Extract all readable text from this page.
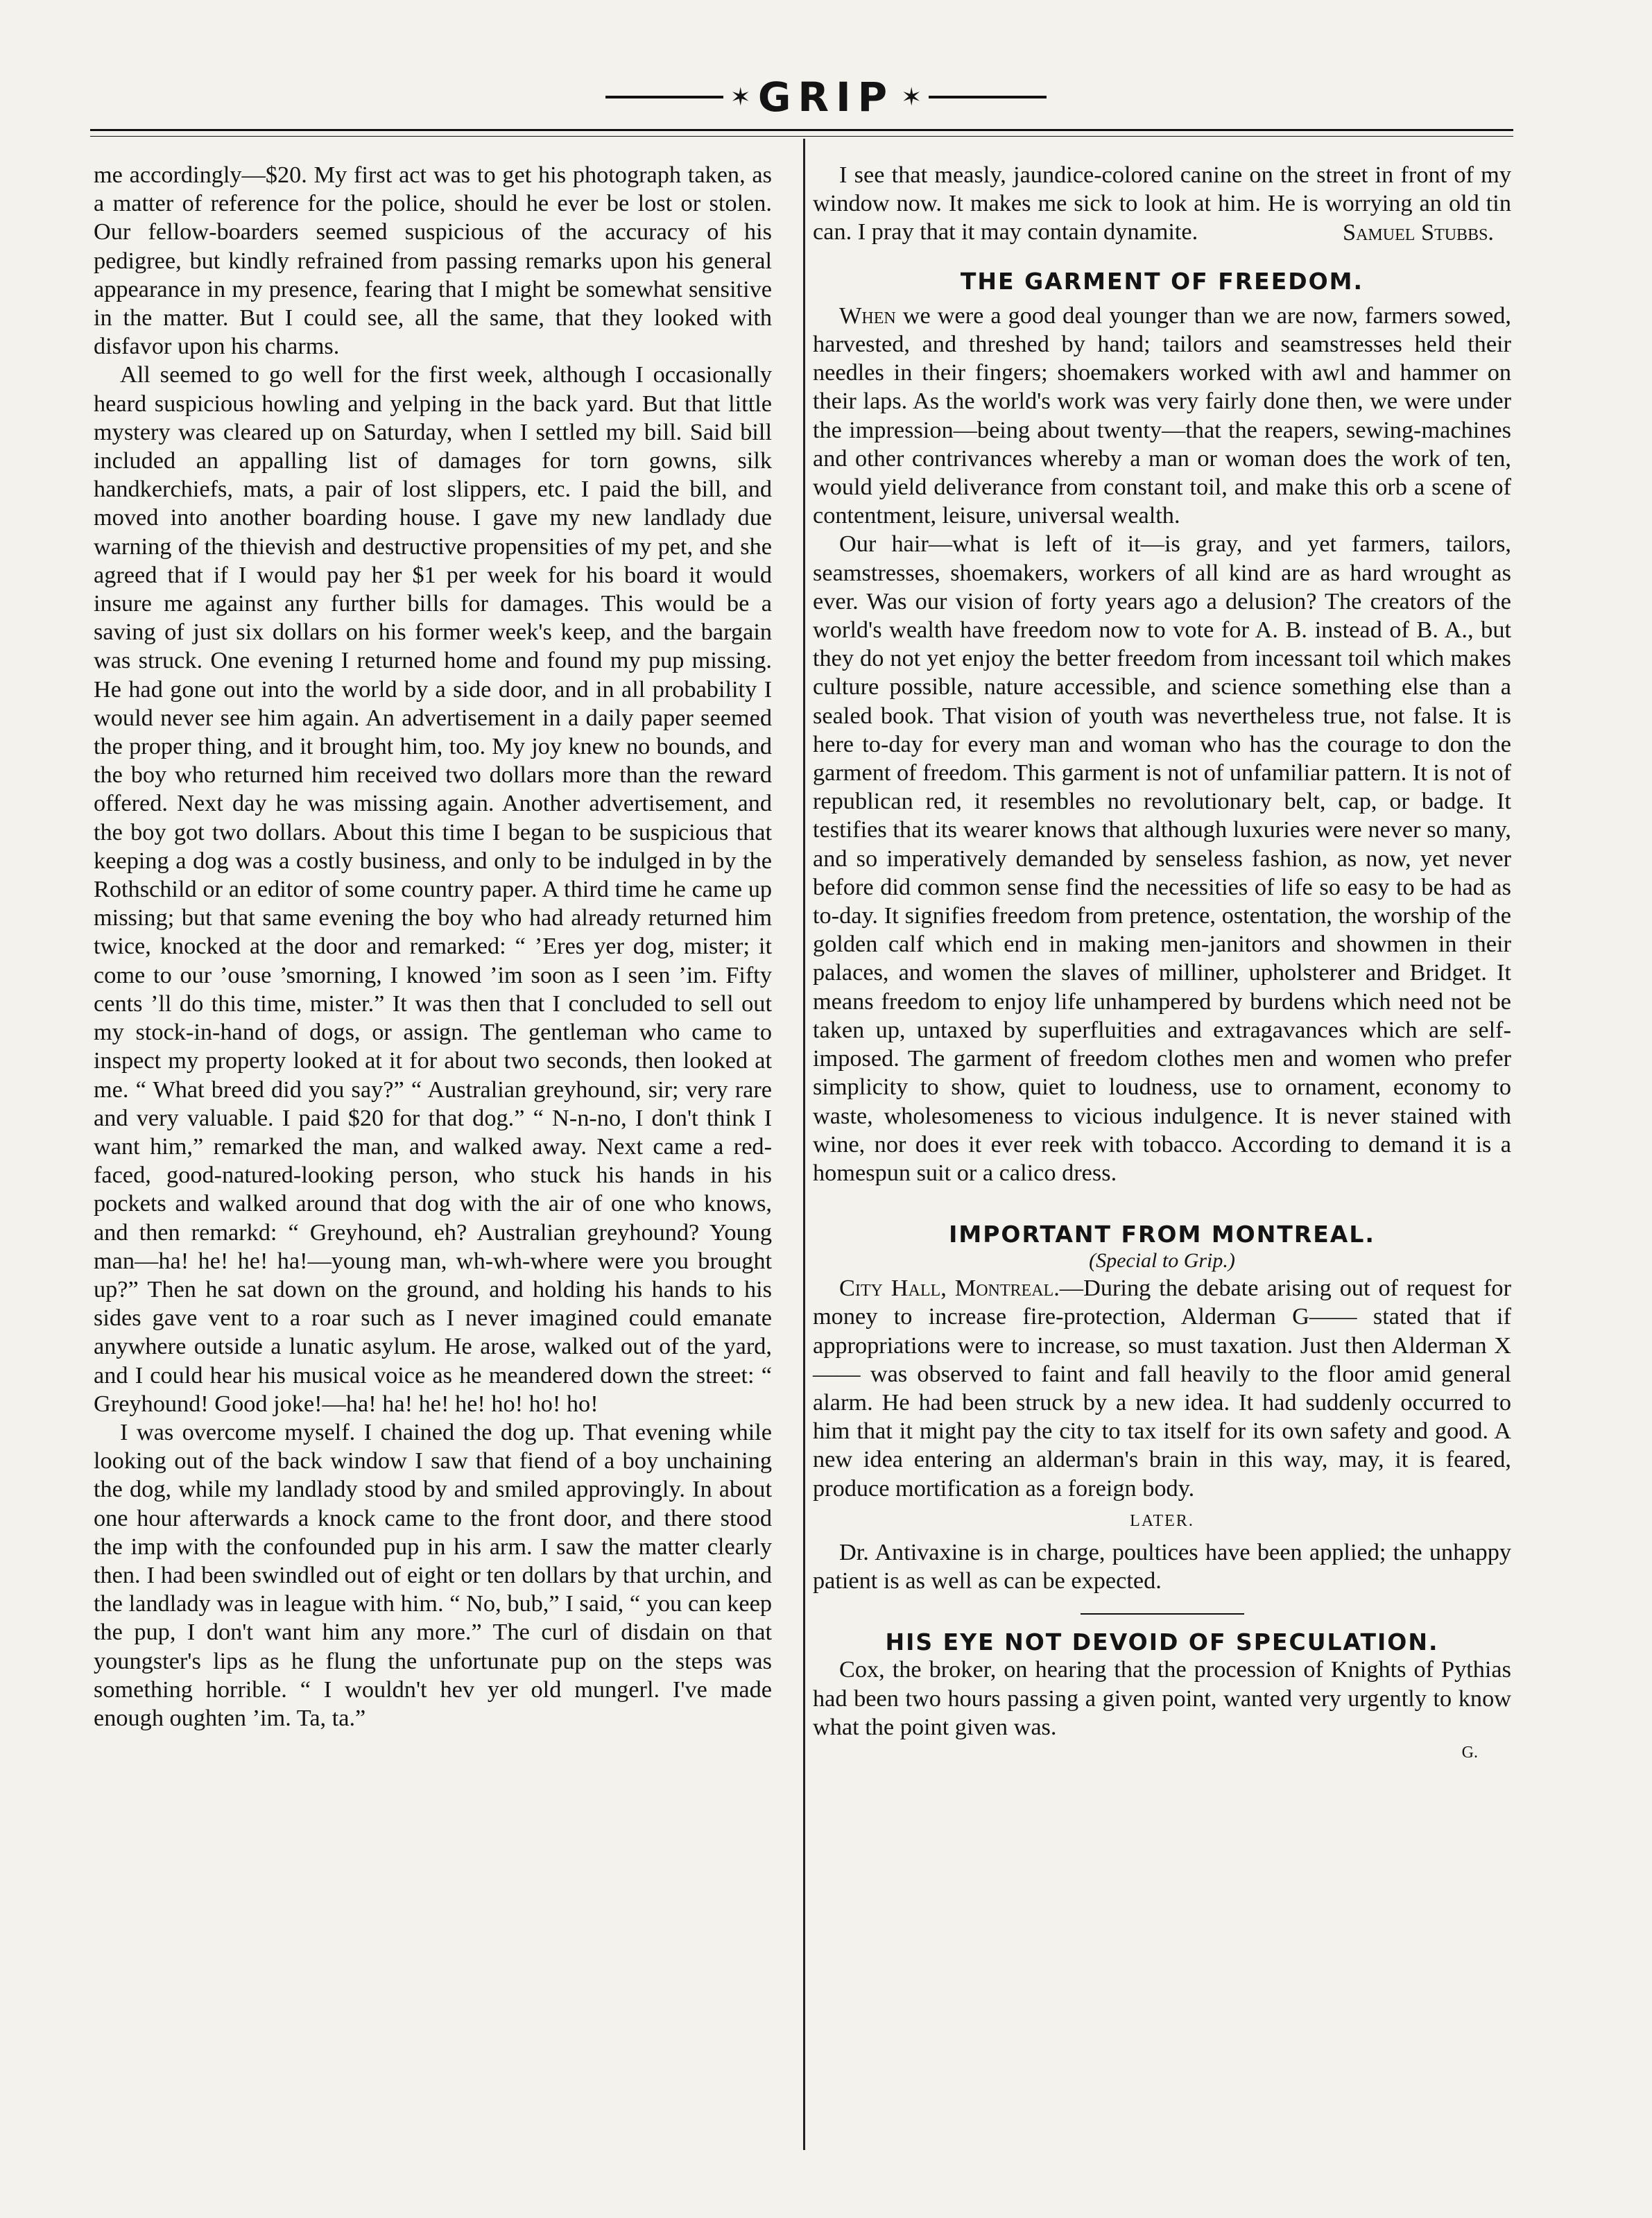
✶ GRIP ✶

me accordingly—$20. My first act was to get his photograph taken, as a matter of reference for the police, should he ever be lost or stolen. Our fellow-boarders seemed suspicious of the accuracy of his pedigree, but kindly refrained from passing remarks upon his general appearance in my presence, fearing that I might be somewhat sensitive in the matter. But I could see, all the same, that they looked with disfavor upon his charms.

All seemed to go well for the first week, although I occasionally heard suspicious howling and yelping in the back yard. But that little mystery was cleared up on Saturday, when I settled my bill. Said bill included an appalling list of damages for torn gowns, silk handkerchiefs, mats, a pair of lost slippers, etc. I paid the bill, and moved into another boarding house. I gave my new landlady due warning of the thievish and destructive propensities of my pet, and she agreed that if I would pay her $1 per week for his board it would insure me against any further bills for damages. This would be a saving of just six dollars on his former week's keep, and the bargain was struck. One evening I returned home and found my pup missing. He had gone out into the world by a side door, and in all probability I would never see him again. An advertisement in a daily paper seemed the proper thing, and it brought him, too. My joy knew no bounds, and the boy who returned him received two dollars more than the reward offered. Next day he was missing again. Another advertisement, and the boy got two dollars. About this time I began to be suspicious that keeping a dog was a costly business, and only to be indulged in by the Rothschild or an editor of some country paper. A third time he came up missing; but that same evening the boy who had already returned him twice, knocked at the door and remarked: “ ’Eres yer dog, mister; it come to our ’ouse ’smorning, I knowed ’im soon as I seen ’im. Fifty cents ’ll do this time, mister.” It was then that I concluded to sell out my stock-in-hand of dogs, or assign. The gentleman who came to inspect my property looked at it for about two seconds, then looked at me. “ What breed did you say?” “ Australian greyhound, sir; very rare and very valuable. I paid $20 for that dog.” “ N-n-no, I don't think I want him,” remarked the man, and walked away. Next came a red-faced, good-natured-looking person, who stuck his hands in his pockets and walked around that dog with the air of one who knows, and then remarkd: “ Greyhound, eh? Australian greyhound? Young man—ha! he! he! ha!—young man, wh-wh-where were you brought up?” Then he sat down on the ground, and holding his hands to his sides gave vent to a roar such as I never imagined could emanate anywhere outside a lunatic asylum. He arose, walked out of the yard, and I could hear his musical voice as he meandered down the street: “ Greyhound! Good joke!—ha! ha! he! he! ho! ho! ho!

I was overcome myself. I chained the dog up. That evening while looking out of the back window I saw that fiend of a boy unchaining the dog, while my landlady stood by and smiled approvingly. In about one hour afterwards a knock came to the front door, and there stood the imp with the confounded pup in his arm. I saw the matter clearly then. I had been swindled out of eight or ten dollars by that urchin, and the landlady was in league with him. “ No, bub,” I said, “ you can keep the pup, I don't want him any more.” The curl of disdain on that youngster's lips as he flung the unfortunate pup on the steps was something horrible. “ I wouldn't hev yer old mungerl. I've made enough oughten ’im. Ta, ta.”

I see that measly, jaundice-colored canine on the street in front of my window now. It makes me sick to look at him. He is worrying an old tin can. I pray that it may contain dynamite.	Samuel Stubbs.

THE GARMENT OF FREEDOM.

When we were a good deal younger than we are now, farmers sowed, harvested, and threshed by hand; tailors and seamstresses held their needles in their fingers; shoemakers worked with awl and hammer on their laps. As the world's work was very fairly done then, we were under the impression—being about twenty—that the reapers, sewing-machines and other contrivances whereby a man or woman does the work of ten, would yield deliverance from constant toil, and make this orb a scene of contentment, leisure, universal wealth.

Our hair—what is left of it—is gray, and yet farmers, tailors, seamstresses, shoemakers, workers of all kind are as hard wrought as ever. Was our vision of forty years ago a delusion? The creators of the world's wealth have freedom now to vote for A. B. instead of B. A., but they do not yet enjoy the better freedom from incessant toil which makes culture possible, nature accessible, and science something else than a sealed book. That vision of youth was nevertheless true, not false. It is here to-day for every man and woman who has the courage to don the garment of freedom. This garment is not of unfamiliar pattern. It is not of republican red, it resembles no revolutionary belt, cap, or badge. It testifies that its wearer knows that although luxuries were never so many, and so imperatively demanded by senseless fashion, as now, yet never before did common sense find the necessities of life so easy to be had as to-day. It signifies freedom from pretence, ostentation, the worship of the golden calf which end in making men-janitors and showmen in their palaces, and women the slaves of milliner, upholsterer and Bridget. It means freedom to enjoy life unhampered by burdens which need not be taken up, untaxed by superfluities and extragavances which are self-imposed. The garment of freedom clothes men and women who prefer simplicity to show, quiet to loudness, use to ornament, economy to waste, wholesomeness to vicious indulgence. It is never stained with wine, nor does it ever reek with tobacco. According to demand it is a homespun suit or a calico dress.

IMPORTANT FROM MONTREAL.

(Special to Grip.)

City Hall, Montreal.—During the debate arising out of request for money to increase fire-protection, Alderman G—— stated that if appropriations were to increase, so must taxation. Just then Alderman X—— was observed to faint and fall heavily to the floor amid general alarm. He had been struck by a new idea. It had suddenly occurred to him that it might pay the city to tax itself for its own safety and good. A new idea entering an alderman's brain in this way, may, it is feared, produce mortification as a foreign body.

LATER.

Dr. Antivaxine is in charge, poultices have been applied; the unhappy patient is as well as can be expected.

HIS EYE NOT DEVOID OF SPECULATION.

Cox, the broker, on hearing that the procession of Knights of Pythias had been two hours passing a given point, wanted very urgently to know what the point given was.

G.
